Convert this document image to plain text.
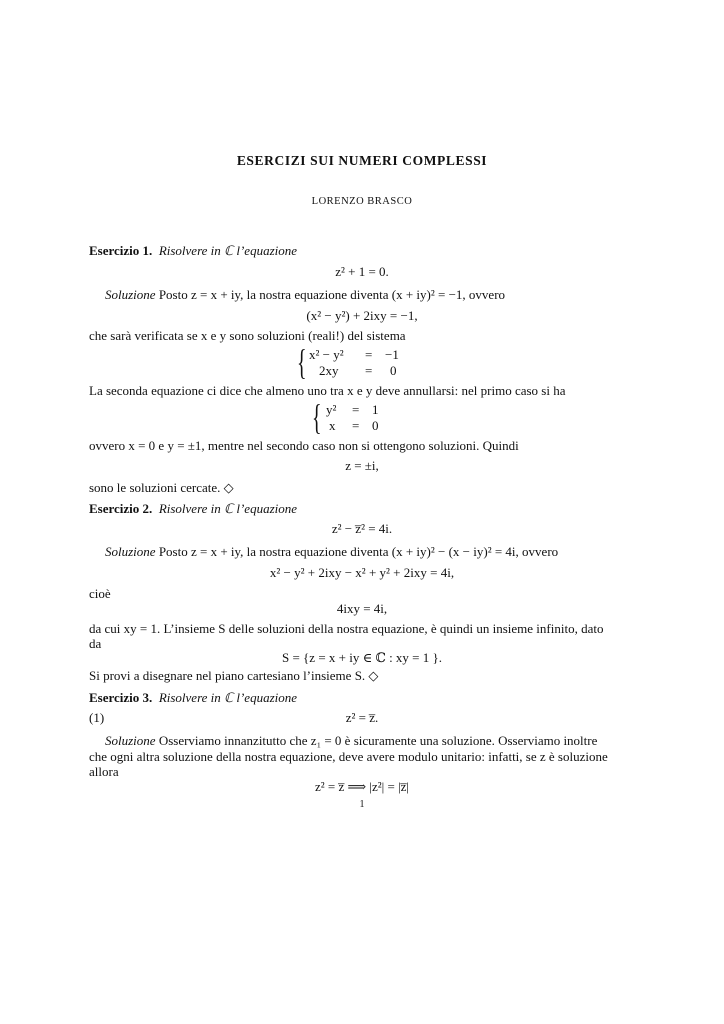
ESERCIZI SUI NUMERI COMPLESSI
LORENZO BRASCO
Esercizio 1. Risolvere in ℂ l’equazione
z² + 1 = 0.
Soluzione Posto z = x + iy, la nostra equazione diventa (x + iy)² = −1, ovvero
(x² − y²) + 2ixy = −1,
che sarà verificata se x e y sono soluzioni (reali!) del sistema
{ x² − y² = −1
2xy = 0
La seconda equazione ci dice che almeno uno tra x e y deve annullarsi: nel primo caso si ha
{ y² = 1
x = 0
ovvero x = 0 e y = ±1, mentre nel secondo caso non si ottengono soluzioni. Quindi
z = ±i,
sono le soluzioni cercate. ◇
Esercizio 2. Risolvere in ℂ l’equazione
z² − z̅² = 4i.
Soluzione Posto z = x + iy, la nostra equazione diventa (x + iy)² − (x − iy)² = 4i, ovvero
x² − y² + 2ixy − x² + y² + 2ixy = 4i,
cioè
4ixy = 4i,
da cui xy = 1. L’insieme S delle soluzioni della nostra equazione, è quindi un insieme infinito, dato
da
S = {z = x + iy ∈ ℂ : xy = 1 }.
Si provi a disegnare nel piano cartesiano l’insieme S. ◇
Esercizio 3. Risolvere in ℂ l’equazione
(1)	z² = z̅.
Soluzione Osserviamo innanzitutto che z₁ = 0 è sicuramente una soluzione. Osserviamo inoltre
che ogni altra soluzione della nostra equazione, deve avere modulo unitario: infatti, se z è soluzione
allora
z² = z̅ ⟹ |z²| = |z̅|
1
